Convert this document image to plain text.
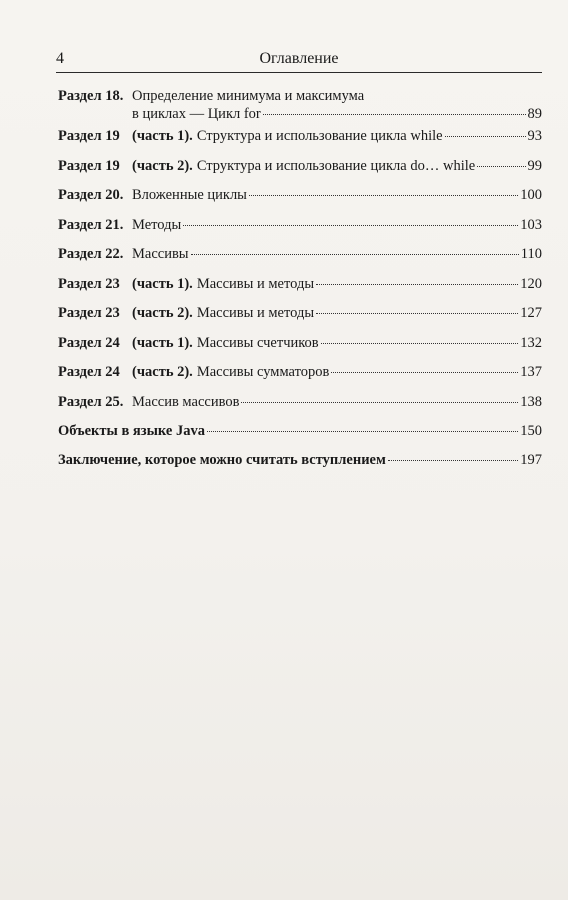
4	Оглавление
Раздел 18. Определение минимума и максимума
в циклах — Цикл for	89
Раздел 19 (часть 1). Структура и использование цикла while	93
Раздел 19 (часть 2). Структура и использование цикла do… while	99
Раздел 20. Вложенные циклы	100
Раздел 21. Методы	103
Раздел 22. Массивы	110
Раздел 23 (часть 1). Массивы и методы	120
Раздел 23 (часть 2). Массивы и методы	127
Раздел 24 (часть 1). Массивы счетчиков	132
Раздел 24 (часть 2). Массивы сумматоров	137
Раздел 25. Массив массивов	138
Объекты в языке Java	150
Заключение, которое можно считать вступлением	197
